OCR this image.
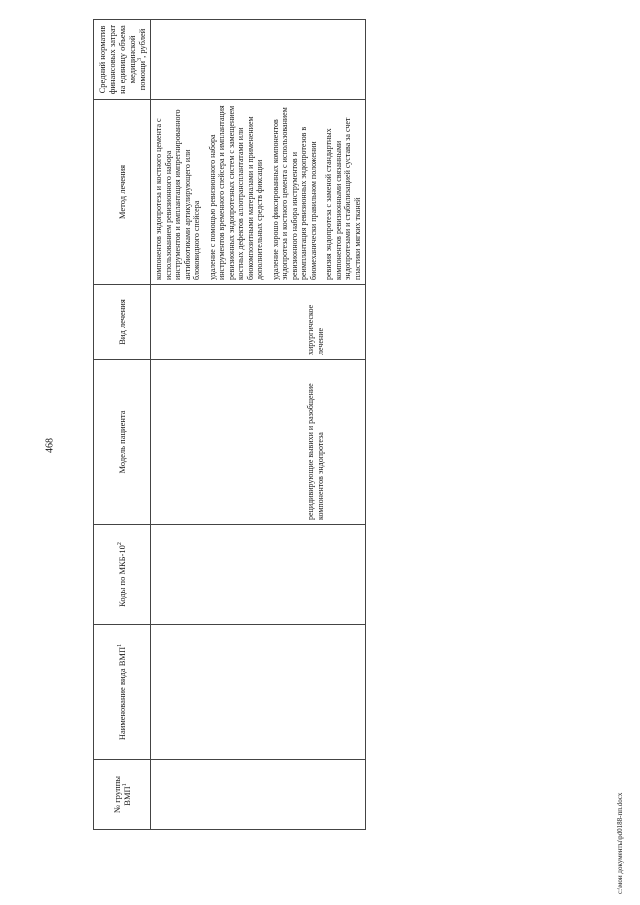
468
№ группы ВМП$^1$	Наименование вида ВМП$^1$	Коды по МКБ-$10^2$	Модель пациента	Вид лечения	Метод лечения	Средний норматив финансовых затрат на единицу объема медицинской помощи$^3$, рублей

			рецидивирующие вывихи и разобщение компонентов эндопротеза	хирургическое лечение	компонентов эндопротеза и костного цемента с использованием ревизионного набора инструментов и имплантация импрегнированного антибиотиками артикулирующего или блоковидного спейсера удаление с помощью ревизионного набора инструментов временного спейсера и имплантация ревизионных эндопротезных систем с замещением костных дефектов аллотрансплантатами или биокомпозитными материалами и применением дополнительных средств фиксации удаление хорошо фиксированных компонентов эндопротеза и костного цемента с использованием ревизионного набора инструментов и реимплантация ревизионных эндопротезов в биомеханически правильном положении ревизия эндопротеза с заменой стандартных компонентов ревизионными связанными эндопротезами и стабилизацией сустава за счет пластики мягких тканей	

c:\мои документы\pd0188-пп.docx
